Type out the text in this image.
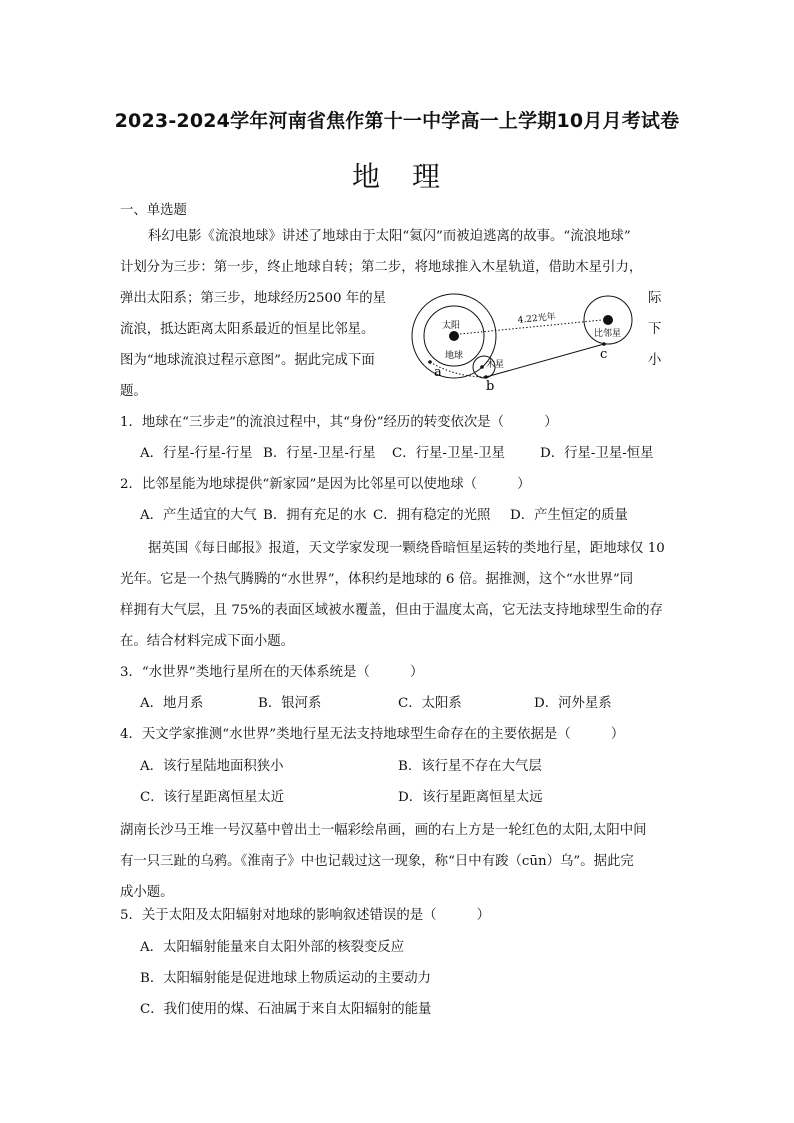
2023-2024学年河南省焦作第十一中学高一上学期10月月考试卷
地　理
一、单选题
科幻电影《流浪地球》讲述了地球由于太阳“氦闪”而被迫逃离的故事。“流浪地球”
计划分为三步：第一步，终止地球自转；第二步，将地球推入木星轨道，借助木星引力，
弹出太阳系；第三步，地球经历2500 年的星
流浪，抵达距离太阳系最近的恒星比邻星。
图为“地球流浪过程示意图”。据此完成下面
题。
际
下
小
太阳
地球
木星
比邻星
4.22光年
a
b
c
1．地球在“三步走”的流浪过程中，其“身份”经历的转变依次是（　　　）
A．行星-行星-行星 B．行星-卫星-行星 C．行星-卫星-卫星	D．行星-卫星-恒星
2．比邻星能为地球提供“新家园”是因为比邻星可以使地球（　　　）
A．产生适宜的大气 B．拥有充足的水 C．拥有稳定的光照 D．产生恒定的质量
据英国《每日邮报》报道，天文学家发现一颗绕昏暗恒星运转的类地行星，距地球仅 10
光年。它是一个热气腾腾的“水世界”，体积约是地球的 6 倍。据推测，这个“水世界”同
样拥有大气层，且 75%的表面区域被水覆盖，但由于温度太高，它无法支持地球型生命的存
在。结合材料完成下面小题。
3．“水世界”类地行星所在的天体系统是（　　　）
A．地月系	B．银河系	C．太阳系	D．河外星系
4．天文学家推测“水世界”类地行星无法支持地球型生命存在的主要依据是（　　　）
A．该行星陆地面积狭小	B．该行星不存在大气层
C．该行星距离恒星太近	D．该行星距离恒星太远
湖南长沙马王堆一号汉墓中曾出土一幅彩绘帛画，画的右上方是一轮红色的太阳,太阳中间
有一只三趾的乌鸦。《淮南子》中也记载过这一现象，称“日中有踆（cūn）乌”。据此完
成小题。
5．关于太阳及太阳辐射对地球的影响叙述错误的是（　　　）
A．太阳辐射能量来自太阳外部的核裂变反应
B．太阳辐射能是促进地球上物质运动的主要动力
C．我们使用的煤、石油属于来自太阳辐射的能量
